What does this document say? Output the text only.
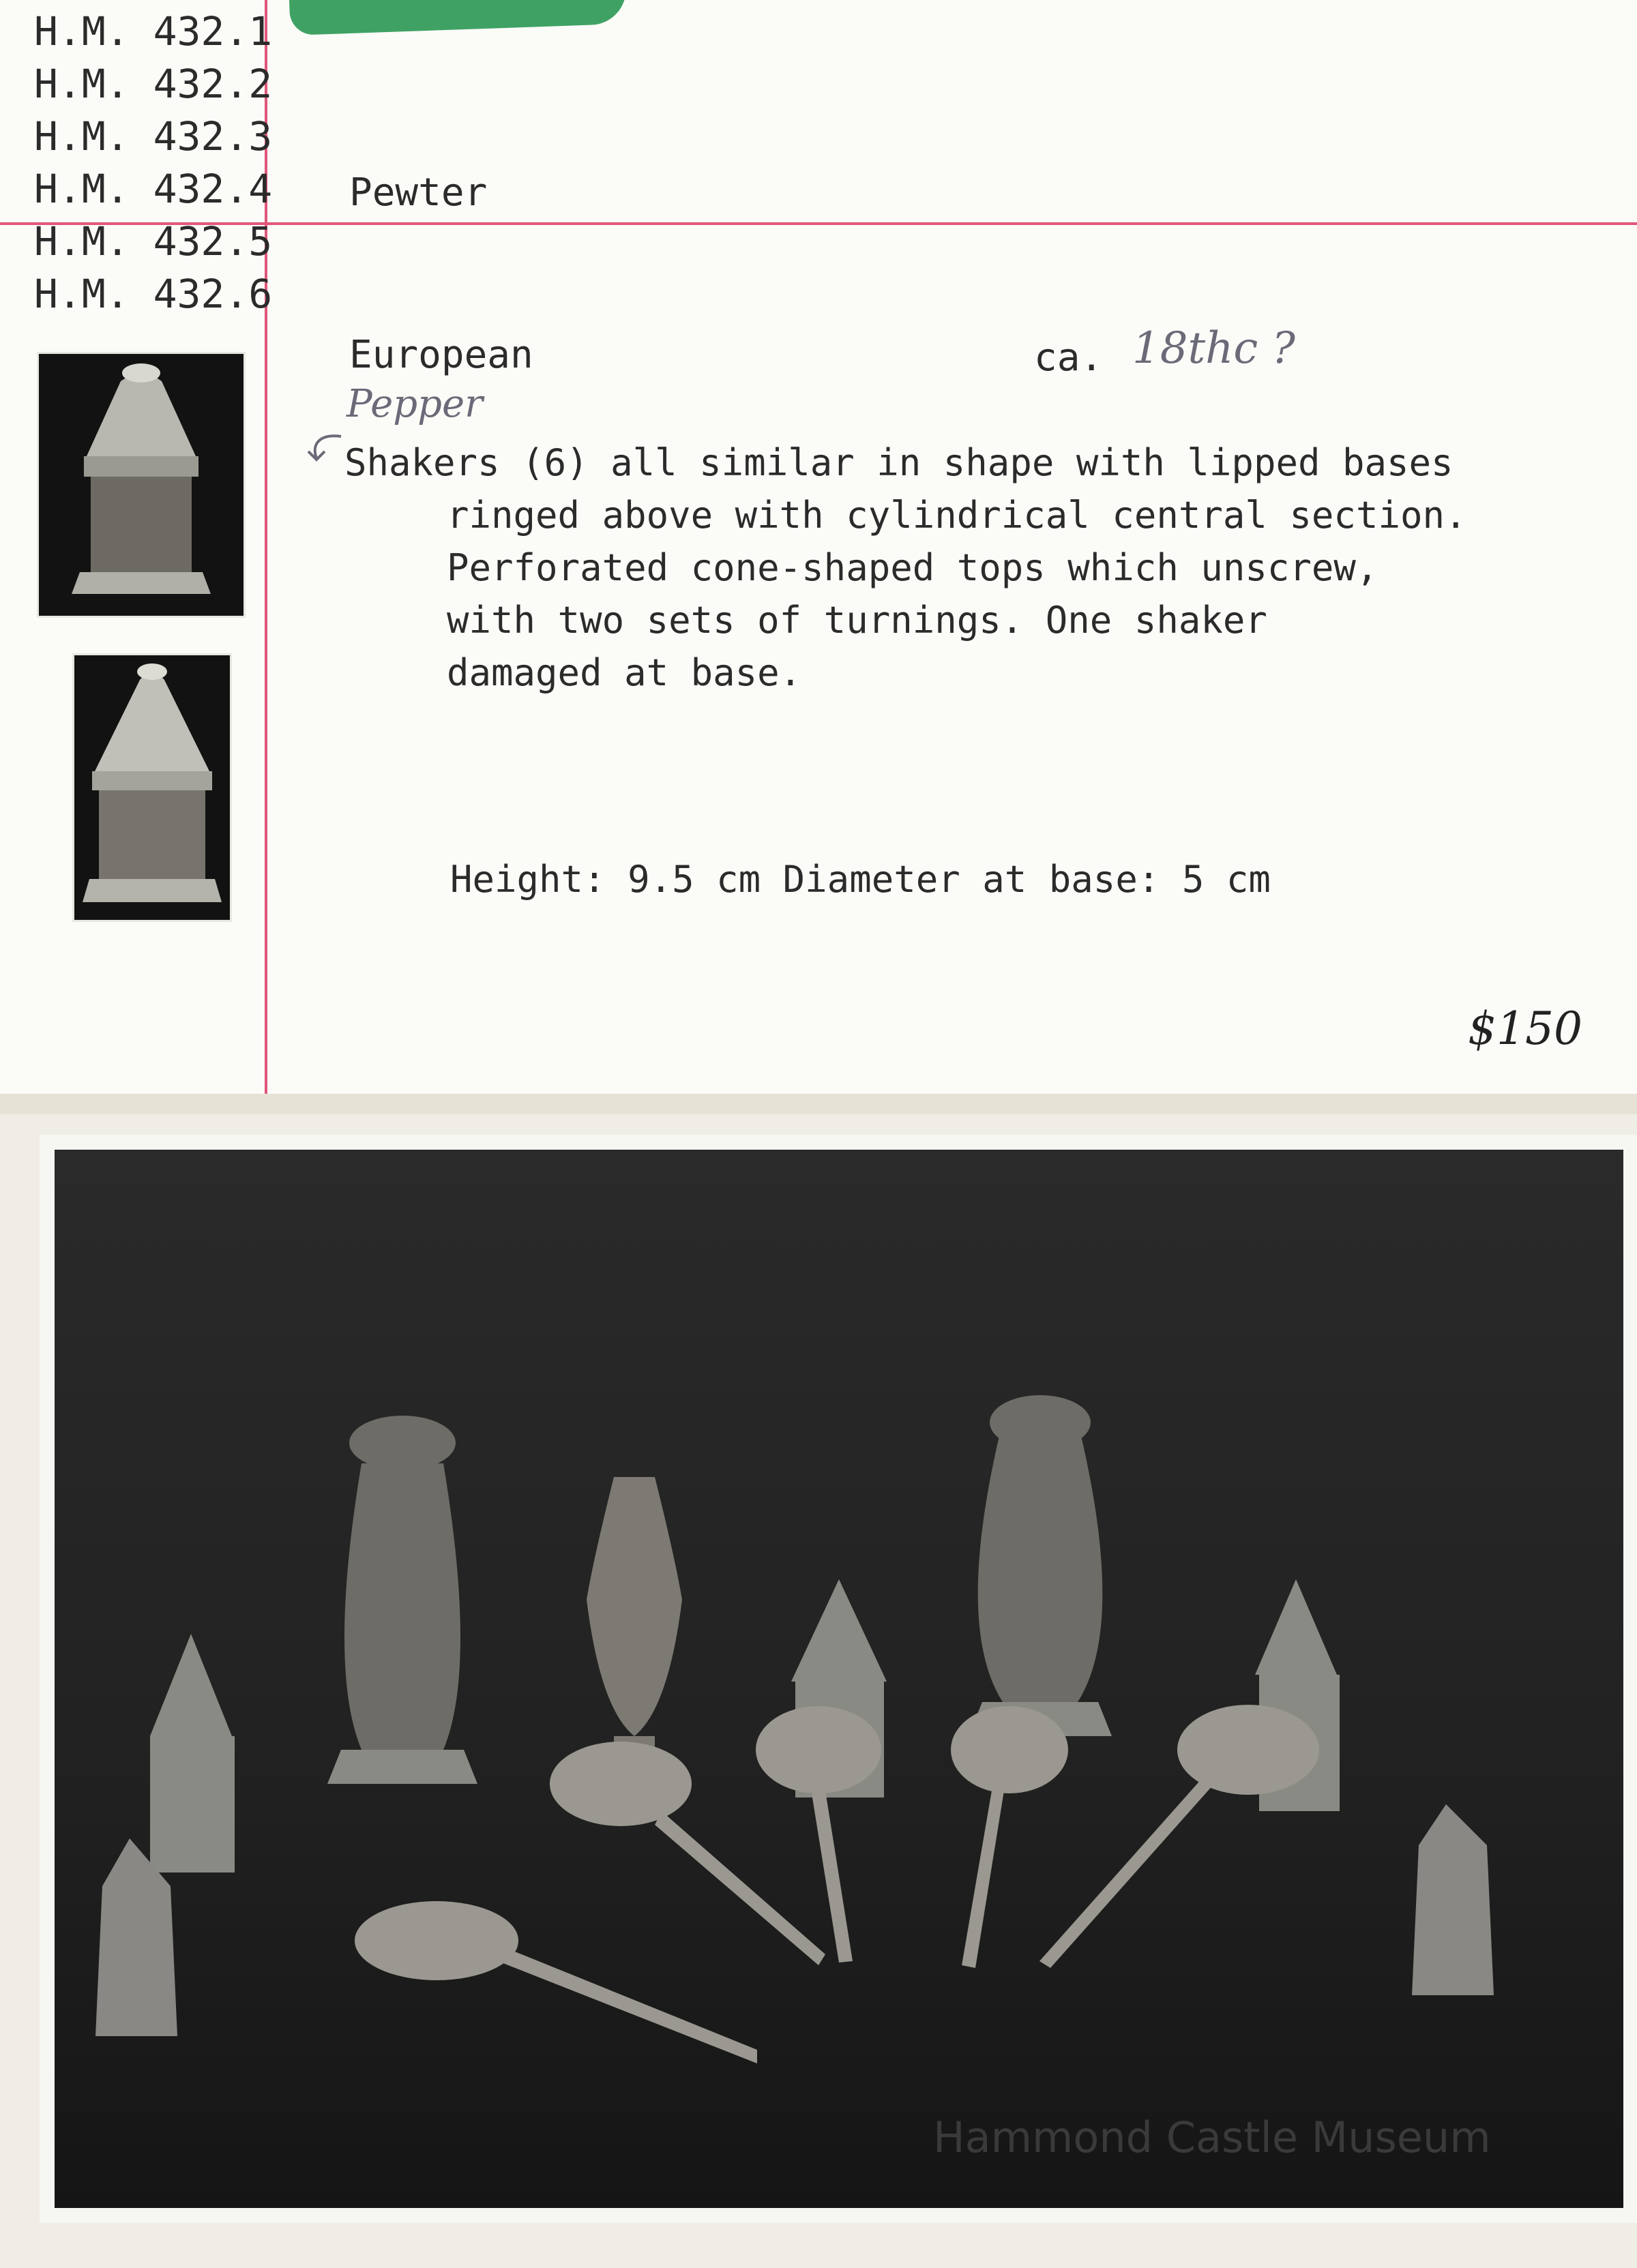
H.M. 432.1
H.M. 432.2
H.M. 432.3
H.M. 432.4
H.M. 432.5
H.M. 432.6
Pewter
European	ca. 18thc ?
Pepper
Shakers (6) all similar in shape with lipped bases
ringed above with cylindrical central section.
Perforated cone-shaped tops which unscrew,
with two sets of turnings. One shaker
damaged at base.
Height: 9.5 cm Diameter at base: 5 cm
$150
Hammond Castle Museum
